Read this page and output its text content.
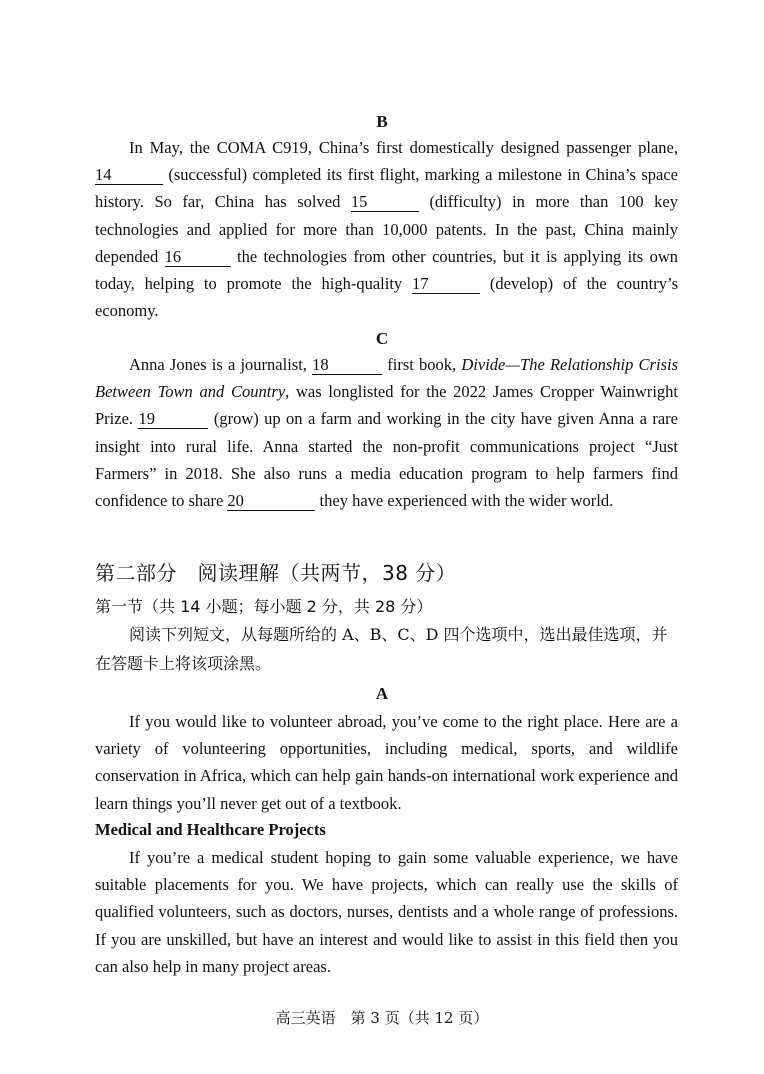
B

In May, the COMA C919, China’s first domestically designed passenger plane, 14	(successful) completed its first flight, marking a milestone in China’s space history. So far, China has solved 15	(difficulty) in more than 100 key technologies and applied for more than 10,000 patents. In the past, China mainly depended 16	the technologies from other countries, but it is applying its own today, helping to promote the high-quality 17	(develop) of the country’s economy.

C

Anna Jones is a journalist, 18	first book, Divide—The Relationship Crisis Between Town and Country, was longlisted for the 2022 James Cropper Wainwright Prize. 19	(grow) up on a farm and working in the city have given Anna a rare insight into rural life. Anna started the non-profit communications project “Just Farmers” in 2018. She also runs a media education program to help farmers find confidence to share 20	they have experienced with the wider world.

第二部分　阅读理解（共两节，38 分）
第一节（共 14 小题；每小题 2 分，共 28 分）

阅读下列短文，从每题所给的 A、B、C、D 四个选项中，选出最佳选项，并在答题卡上将该项涂黑。

A

If you would like to volunteer abroad, you’ve come to the right place. Here are a variety of volunteering opportunities, including medical, sports, and wildlife conservation in Africa, which can help gain hands-on international work experience and learn things you’ll never get out of a textbook.

Medical and Healthcare Projects

If you’re a medical student hoping to gain some valuable experience, we have suitable placements for you. We have projects, which can really use the skills of qualified volunteers, such as doctors, nurses, dentists and a whole range of professions. If you are unskilled, but have an interest and would like to assist in this field then you can also help in many project areas.

高三英语　第 3 页（共 12 页）
